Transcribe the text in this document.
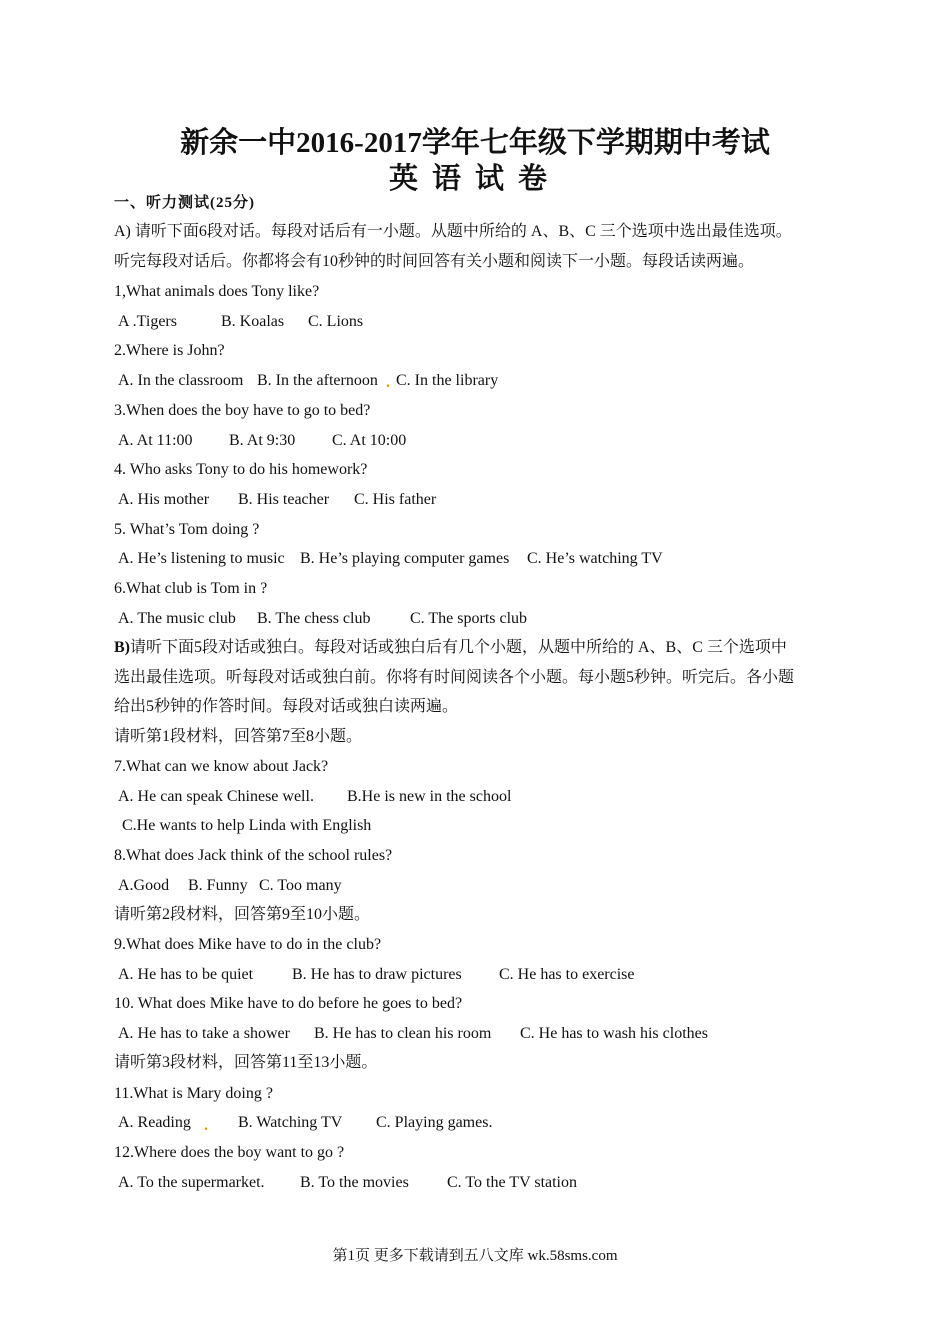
新余一中2016-2017学年七年级下学期期中考试
英语试卷
一、听力测试(25分)
A) 请听下面6段对话。每段对话后有一小题。从题中所给的 A、B、C 三个选项中选出最佳选项。
听完每段对话后。你都将会有10秒钟的时间回答有关小题和阅读下一小题。每段话读两遍。
1,What animals does Tony like?
A .Tigers	B. Koalas C. Lions
2.Where is John?
A. In the classroom B. In the afternoon . C. In the library
3.When does the boy have to go to bed?
A. At 11:00 B. At 9:30 C. At 10:00
4. Who asks Tony to do his homework?
A. His mother B. His teacher C. His father
5. What’s Tom doing ?
A. He’s listening to music B. He’s playing computer games C. He’s watching TV
6.What club is Tom in ?
A. The music club B. The chess club C. The sports club
B)请听下面5段对话或独白。每段对话或独白后有几个小题，从题中所给的 A、B、C 三个选项中
选出最佳选项。听每段对话或独白前。你将有时间阅读各个小题。每小题5秒钟。听完后。各小题
给出5秒钟的作答时间。每段对话或独白读两遍。
请听第1段材料，回答第7至8小题。
7.What can we know about Jack?
A. He can speak Chinese well. B.He is new in the school
C.He wants to help Linda with English
8.What does Jack think of the school rules?
A.Good B. Funny C. Too many
请听第2段材料，回答第9至10小题。
9.What does Mike have to do in the club?
A. He has to be quiet B. He has to draw pictures C. He has to exercise
10. What does Mike have to do before he goes to bed?
A. He has to take a shower B. He has to clean his room C. He has to wash his clothes
请听第3段材料，回答第11至13小题。
11.What is Mary doing ?
A. Reading . B. Watching TV C. Playing games.
12.Where does the boy want to go ?
A. To the supermarket. B. To the movies C. To the TV station
第1页 更多下载请到五八文库 wk.58sms.com
